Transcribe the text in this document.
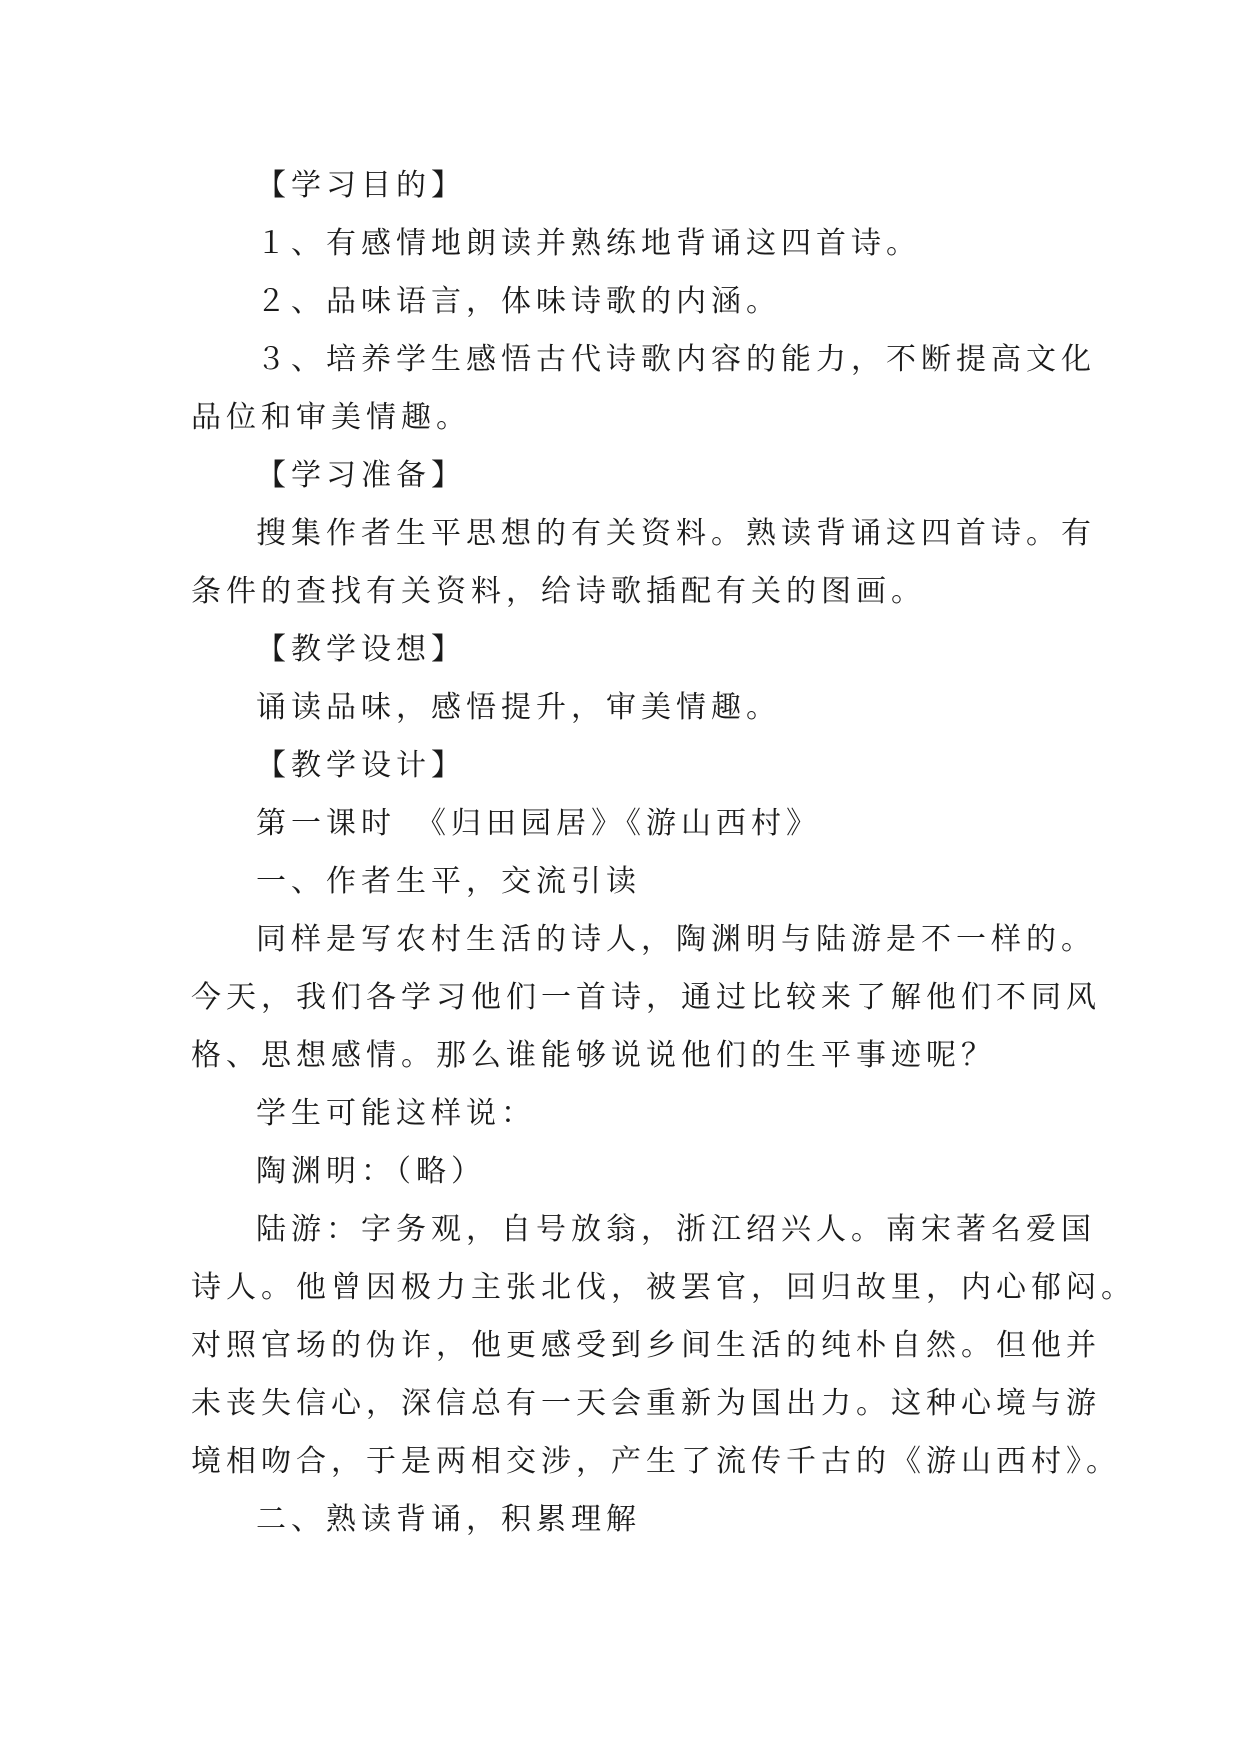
【学习目的】

１、有感情地朗读并熟练地背诵这四首诗。

２、品味语言，体味诗歌的内涵。

３、培养学生感悟古代诗歌内容的能力，不断提高文化

品位和审美情趣。

【学习准备】

搜集作者生平思想的有关资料。熟读背诵这四首诗。有

条件的查找有关资料，给诗歌插配有关的图画。

【教学设想】

诵读品味，感悟提升，审美情趣。

【教学设计】

第一课时　《归田园居》《游山西村》

一、作者生平，交流引读

同样是写农村生活的诗人，陶渊明与陆游是不一样的。

今天，我们各学习他们一首诗，通过比较来了解他们不同风

格、思想感情。那么谁能够说说他们的生平事迹呢？

学生可能这样说：

陶渊明：（略）

陆游：字务观，自号放翁，浙江绍兴人。南宋著名爱国

诗人。他曾因极力主张北伐，被罢官，回归故里，内心郁闷。

对照官场的伪诈，他更感受到乡间生活的纯朴自然。但他并

未丧失信心，深信总有一天会重新为国出力。这种心境与游

境相吻合，于是两相交涉，产生了流传千古的《游山西村》。

二、熟读背诵，积累理解
